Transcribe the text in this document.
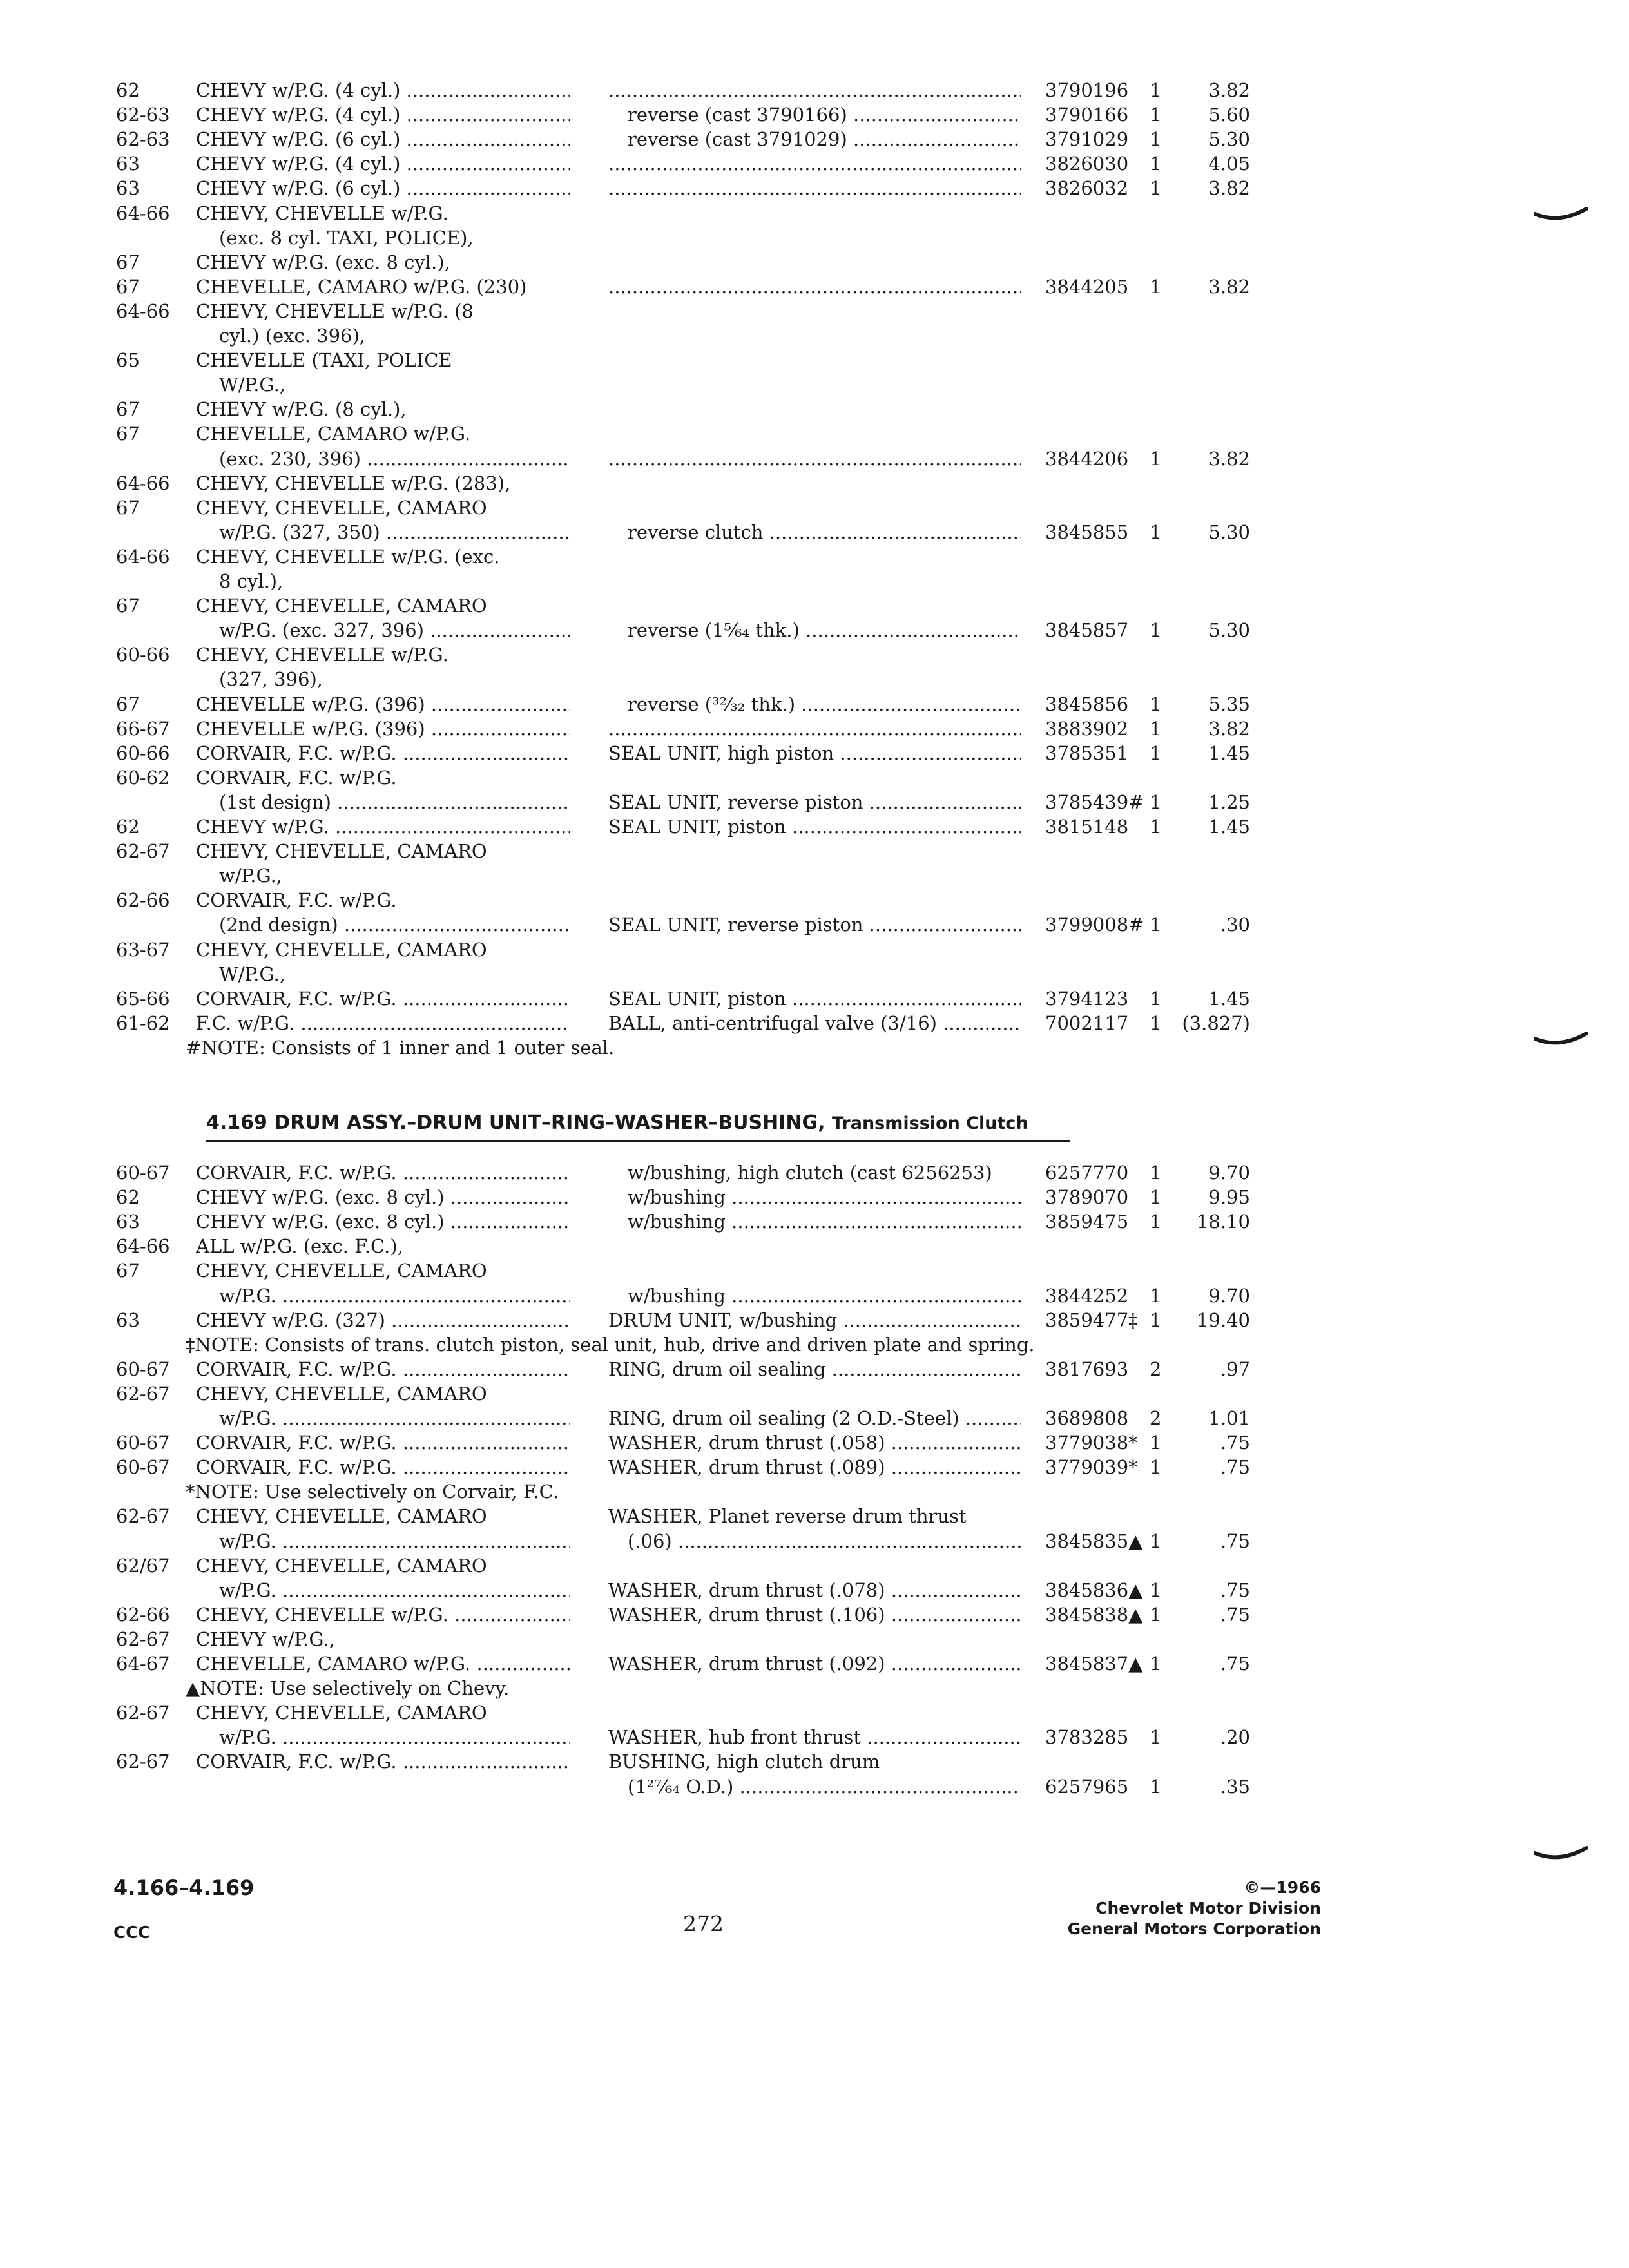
62	CHEVY w/P.G. (4 cyl.) ..... .....	3790196	1	3.82
62-63	CHEVY w/P.G. (4 cyl.) .....	reverse (cast 3790166) .....	3790166	1	5.60
62-63	CHEVY w/P.G. (6 cyl.) .....	reverse (cast 3791029) .....	3791029	1	5.30
63	CHEVY w/P.G. (4 cyl.) ..... .....	3826030	1	4.05
63	CHEVY w/P.G. (6 cyl.) ..... .....	3826032	1	3.82
64-66	CHEVY, CHEVELLE w/P.G.
(exc. 8 cyl. TAXI, POLICE),
67	CHEVY w/P.G. (exc. 8 cyl.),
67	CHEVELLE, CAMARO w/P.G. (230) .....	3844205	1	3.82
64-66	CHEVY, CHEVELLE w/P.G. (8
cyl.) (exc. 396),
65	CHEVELLE (TAXI, POLICE
W/P.G.,
67	CHEVY w/P.G. (8 cyl.),
67	CHEVELLE, CAMARO w/P.G.
(exc. 230, 396) ..... .....	3844206	1	3.82
64-66	CHEVY, CHEVELLE w/P.G. (283),
67	CHEVY, CHEVELLE, CAMARO
w/P.G. (327, 350) .....	reverse clutch .....	3845855	1	5.30
64-66	CHEVY, CHEVELLE w/P.G. (exc.
8 cyl.),
67	CHEVY, CHEVELLE, CAMARO
w/P.G. (exc. 327, 396) .....	reverse (1⁵⁄₆₄ thk.) .....	3845857	1	5.30
60-66	CHEVY, CHEVELLE w/P.G.
(327, 396),
67	CHEVELLE w/P.G. (396) .....	reverse (³²⁄₃₂ thk.) .....	3845856	1	5.35
66-67	CHEVELLE w/P.G. (396) ..... .....	3883902	1	3.82
60-66	CORVAIR, F.C. w/P.G. .....	SEAL UNIT, high piston .....	3785351	1	1.45
60-62	CORVAIR, F.C. w/P.G.
(1st design) .....	SEAL UNIT, reverse piston .....	3785439# 1	1.25
62	CHEVY w/P.G. .....	SEAL UNIT, piston .....	3815148	1	1.45
62-67	CHEVY, CHEVELLE, CAMARO
w/P.G.,
62-66	CORVAIR, F.C. w/P.G.
(2nd design) .....	SEAL UNIT, reverse piston .....	3799008# 1	.30
63-67	CHEVY, CHEVELLE, CAMARO
W/P.G.,
65-66	CORVAIR, F.C. w/P.G. .....	SEAL UNIT, piston .....	3794123	1	1.45
61-62	F.C. w/P.G. .....	BALL, anti-centrifugal valve (3/16) .....	7002117	1	(3.827)
#NOTE: Consists of 1 inner and 1 outer seal.
4.169 DRUM ASSY.–DRUM UNIT–RING–WASHER–BUSHING, Transmission Clutch
60-67	CORVAIR, F.C. w/P.G. .....	w/bushing, high clutch (cast 6256253)	6257770	1	9.70
62	CHEVY w/P.G. (exc. 8 cyl.) .....	w/bushing .....	3789070	1	9.95
63	CHEVY w/P.G. (exc. 8 cyl.) .....	w/bushing .....	3859475	1	18.10
64-66	ALL w/P.G. (exc. F.C.),
67	CHEVY, CHEVELLE, CAMARO
w/P.G. .....	w/bushing .....	3844252	1	9.70
63	CHEVY w/P.G. (327) .....	DRUM UNIT, w/bushing .....	3859477‡ 1	19.40
‡NOTE: Consists of trans. clutch piston, seal unit, hub, drive and driven plate and spring.
60-67	CORVAIR, F.C. w/P.G. .....	RING, drum oil sealing .....	3817693	2	.97
62-67	CHEVY, CHEVELLE, CAMARO
w/P.G. .....	RING, drum oil sealing (2 O.D.-Steel) .....	3689808	2	1.01
60-67	CORVAIR, F.C. w/P.G. .....	WASHER, drum thrust (.058) .....	3779038* 1	.75
60-67	CORVAIR, F.C. w/P.G. .....	WASHER, drum thrust (.089) .....	3779039* 1	.75
*NOTE: Use selectively on Corvair, F.C.
62-67	CHEVY, CHEVELLE, CAMARO	WASHER, Planet reverse drum thrust
w/P.G. .....	(.06) .....	3845835▲ 1	.75
62/67	CHEVY, CHEVELLE, CAMARO
w/P.G. .....	WASHER, drum thrust (.078) .....	3845836▲ 1	.75
62-66	CHEVY, CHEVELLE w/P.G. .....	WASHER, drum thrust (.106) .....	3845838▲ 1	.75
62-67	CHEVY w/P.G.,
64-67	CHEVELLE, CAMARO w/P.G. .....	WASHER, drum thrust (.092) .....	3845837▲ 1	.75
▲NOTE: Use selectively on Chevy.
62-67	CHEVY, CHEVELLE, CAMARO
w/P.G. .....	WASHER, hub front thrust .....	3783285	1	.20
62-67	CORVAIR, F.C. w/P.G. .....	BUSHING, high clutch drum
(1²⁷⁄₆₄ O.D.) .....	6257965	1	.35
4.166–4.169
CCC	272
©—1966
Chevrolet Motor Division
General Motors Corporation
